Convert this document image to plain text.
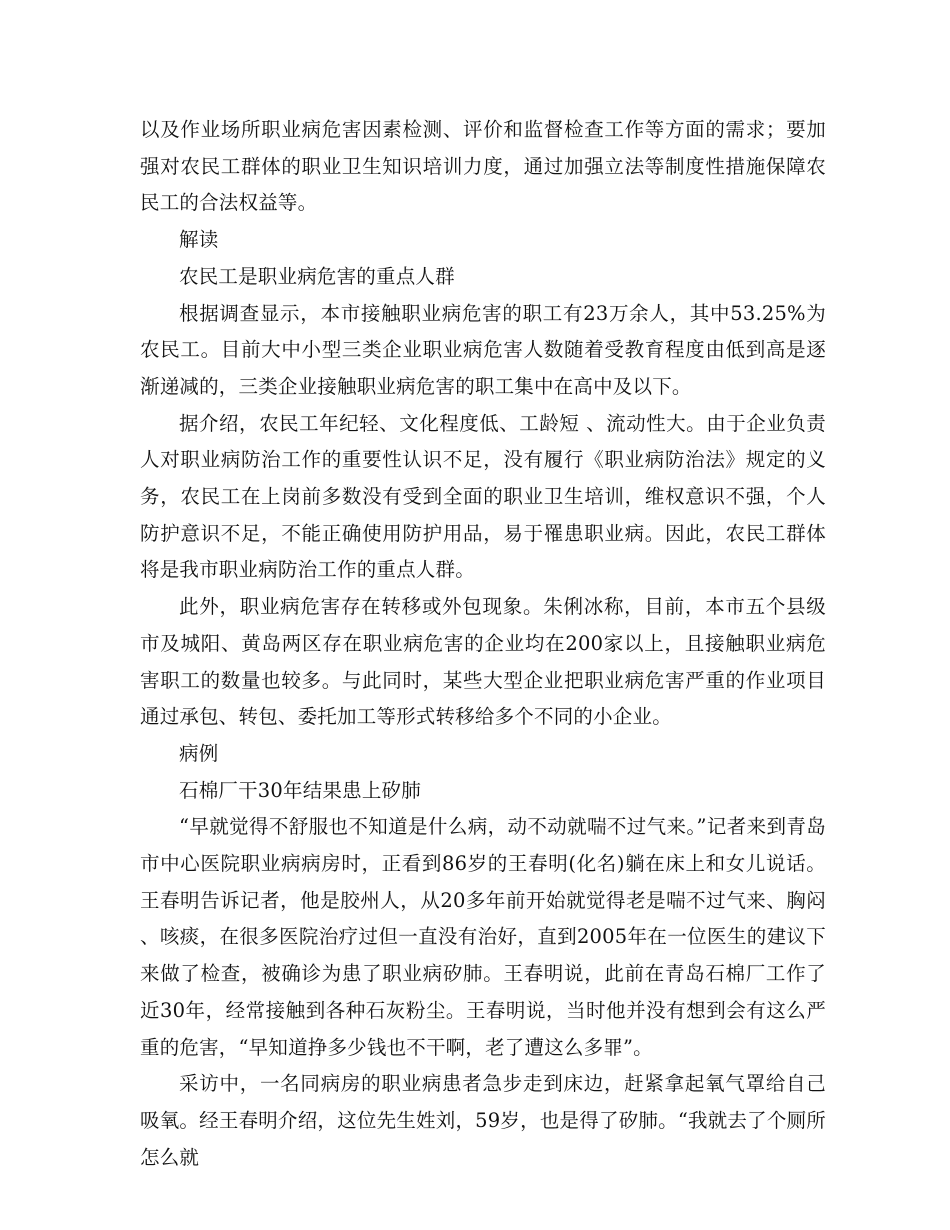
以及作业场所职业病危害因素检测、评价和监督检查工作等方面的需求；要加强对农民工群体的职业卫生知识培训力度，通过加强立法等制度性措施保障农民工的合法权益等。

解读

农民工是职业病危害的重点人群

根据调查显示，本市接触职业病危害的职工有23万余人，其中53.25%为农民工。目前大中小型三类企业职业病危害人数随着受教育程度由低到高是逐渐递减的，三类企业接触职业病危害的职工集中在高中及以下。

据介绍，农民工年纪轻、文化程度低、工龄短 、流动性大。由于企业负责人对职业病防治工作的重要性认识不足，没有履行《职业病防治法》规定的义务，农民工在上岗前多数没有受到全面的职业卫生培训，维权意识不强，个人防护意识不足，不能正确使用防护用品，易于罹患职业病。因此，农民工群体将是我市职业病防治工作的重点人群。

此外，职业病危害存在转移或外包现象。朱俐冰称，目前，本市五个县级市及城阳、黄岛两区存在职业病危害的企业均在200家以上，且接触职业病危害职工的数量也较多。与此同时，某些大型企业把职业病危害严重的作业项目通过承包、转包、委托加工等形式转移给多个不同的小企业。

病例

石棉厂干30年结果患上矽肺

“早就觉得不舒服也不知道是什么病，动不动就喘不过气来。”记者来到青岛市中心医院职业病病房时，正看到86岁的王春明(化名)躺在床上和女儿说话。王春明告诉记者，他是胶州人，从20多年前开始就觉得老是喘不过气来、胸闷 、咳痰，在很多医院治疗过但一直没有治好，直到2005年在一位医生的建议下来做了检查，被确诊为患了职业病矽肺。王春明说，此前在青岛石棉厂工作了近30年，经常接触到各种石灰粉尘。王春明说，当时他并没有想到会有这么严重的危害，“早知道挣多少钱也不干啊，老了遭这么多罪”。

采访中，一名同病房的职业病患者急步走到床边，赶紧拿起氧气罩给自己吸氧。经王春明介绍，这位先生姓刘，59岁，也是得了矽肺。“我就去了个厕所怎么就
